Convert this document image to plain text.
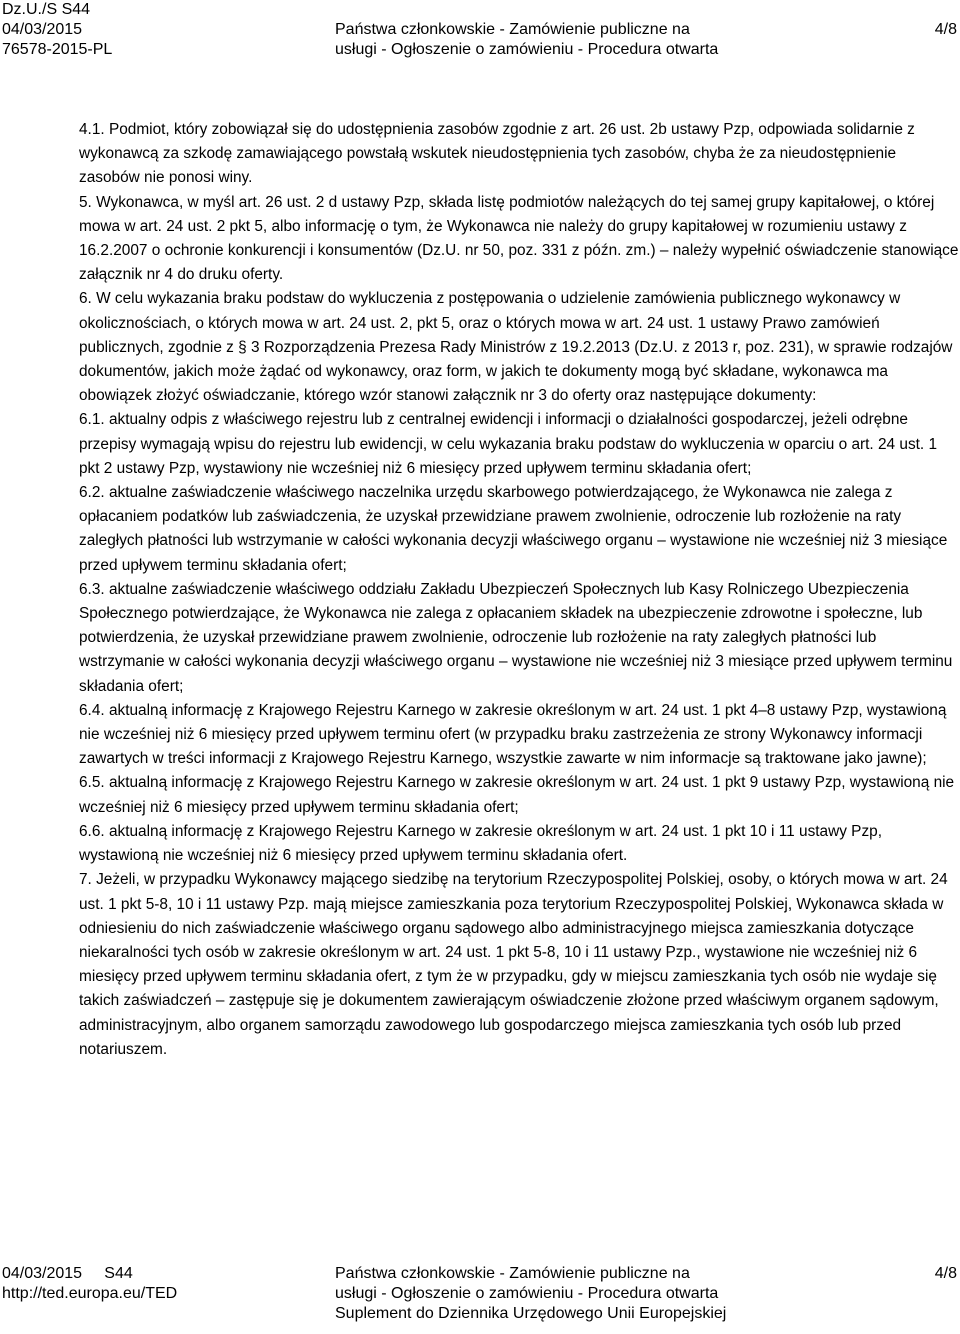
Dz.U./S S44
04/03/2015
76578-2015-PL
Państwa członkowskie - Zamówienie publiczne na
usługi - Ogłoszenie o zamówieniu - Procedura otwarta
4/8

4.1. Podmiot, który zobowiązał się do udostępnienia zasobów zgodnie z art. 26 ust. 2b ustawy Pzp, odpowiada solidarnie z wykonawcą za szkodę zamawiającego powstałą wskutek nieudostępnienia tych zasobów, chyba że za nieudostępnienie zasobów nie ponosi winy.

5. Wykonawca, w myśl art. 26 ust. 2 d ustawy Pzp, składa listę podmiotów należących do tej samej grupy kapitałowej, o której mowa w art. 24 ust. 2 pkt 5, albo informację o tym, że Wykonawca nie należy do grupy kapitałowej w rozumieniu ustawy z 16.2.2007 o ochronie konkurencji i konsumentów (Dz.U. nr 50, poz. 331 z późn. zm.) – należy wypełnić oświadczenie stanowiące załącznik nr 4 do druku oferty.

6. W celu wykazania braku podstaw do wykluczenia z postępowania o udzielenie zamówienia publicznego wykonawcy w okolicznościach, o których mowa w art. 24 ust. 2, pkt 5, oraz o których mowa w art. 24 ust. 1 ustawy Prawo zamówień publicznych, zgodnie z § 3 Rozporządzenia Prezesa Rady Ministrów z 19.2.2013 (Dz.U. z 2013 r, poz. 231), w sprawie rodzajów dokumentów, jakich może żądać od wykonawcy, oraz form, w jakich te dokumenty mogą być składane, wykonawca ma obowiązek złożyć oświadczanie, którego wzór stanowi załącznik nr 3 do oferty oraz następujące dokumenty:

6.1. aktualny odpis z właściwego rejestru lub z centralnej ewidencji i informacji o działalności gospodarczej, jeżeli odrębne przepisy wymagają wpisu do rejestru lub ewidencji, w celu wykazania braku podstaw do wykluczenia w oparciu o art. 24 ust. 1 pkt 2 ustawy Pzp, wystawiony nie wcześniej niż 6 miesięcy przed upływem terminu składania ofert;

6.2. aktualne zaświadczenie właściwego naczelnika urzędu skarbowego potwierdzającego, że Wykonawca nie zalega z opłacaniem podatków lub zaświadczenia, że uzyskał przewidziane prawem zwolnienie, odroczenie lub rozłożenie na raty zaległych płatności lub wstrzymanie w całości wykonania decyzji właściwego organu – wystawione nie wcześniej niż 3 miesiące przed upływem terminu składania ofert;

6.3. aktualne zaświadczenie właściwego oddziału Zakładu Ubezpieczeń Społecznych lub Kasy Rolniczego Ubezpieczenia Społecznego potwierdzające, że Wykonawca nie zalega z opłacaniem składek na ubezpieczenie zdrowotne i społeczne, lub potwierdzenia, że uzyskał przewidziane prawem zwolnienie, odroczenie lub rozłożenie na raty zaległych płatności lub wstrzymanie w całości wykonania decyzji właściwego organu – wystawione nie wcześniej niż 3 miesiące przed upływem terminu składania ofert;

6.4. aktualną informację z Krajowego Rejestru Karnego w zakresie określonym w art. 24 ust. 1 pkt 4–8 ustawy Pzp, wystawioną nie wcześniej niż 6 miesięcy przed upływem terminu ofert (w przypadku braku zastrzeżenia ze strony Wykonawcy informacji zawartych w treści informacji z Krajowego Rejestru Karnego, wszystkie zawarte w nim informacje są traktowane jako jawne);

6.5. aktualną informację z Krajowego Rejestru Karnego w zakresie określonym w art. 24 ust. 1 pkt 9 ustawy Pzp, wystawioną nie wcześniej niż 6 miesięcy przed upływem terminu składania ofert;

6.6. aktualną informację z Krajowego Rejestru Karnego w zakresie określonym w art. 24 ust. 1 pkt 10 i 11 ustawy Pzp, wystawioną nie wcześniej niż 6 miesięcy przed upływem terminu składania ofert.

7. Jeżeli, w przypadku Wykonawcy mającego siedzibę na terytorium Rzeczypospolitej Polskiej, osoby, o których mowa w art. 24 ust. 1 pkt 5-8, 10 i 11 ustawy Pzp. mają miejsce zamieszkania poza terytorium Rzeczypospolitej Polskiej, Wykonawca składa w odniesieniu do nich zaświadczenie właściwego organu sądowego albo administracyjnego miejsca zamieszkania dotyczące niekaralności tych osób w zakresie określonym w art. 24 ust. 1 pkt 5-8, 10 i 11 ustawy Pzp., wystawione nie wcześniej niż 6 miesięcy przed upływem terminu składania ofert, z tym że w przypadku, gdy w miejscu zamieszkania tych osób nie wydaje się takich zaświadczeń – zastępuje się je dokumentem zawierającym oświadczenie złożone przed właściwym organem sądowym, administracyjnym, albo organem samorządu zawodowego lub gospodarczego miejsca zamieszkania tych osób lub przed notariuszem.

04/03/2015     S44
http://ted.europa.eu/TED
Państwa członkowskie - Zamówienie publiczne na
usługi - Ogłoszenie o zamówieniu - Procedura otwarta
Suplement do Dziennika Urzędowego Unii Europejskiej
4/8
